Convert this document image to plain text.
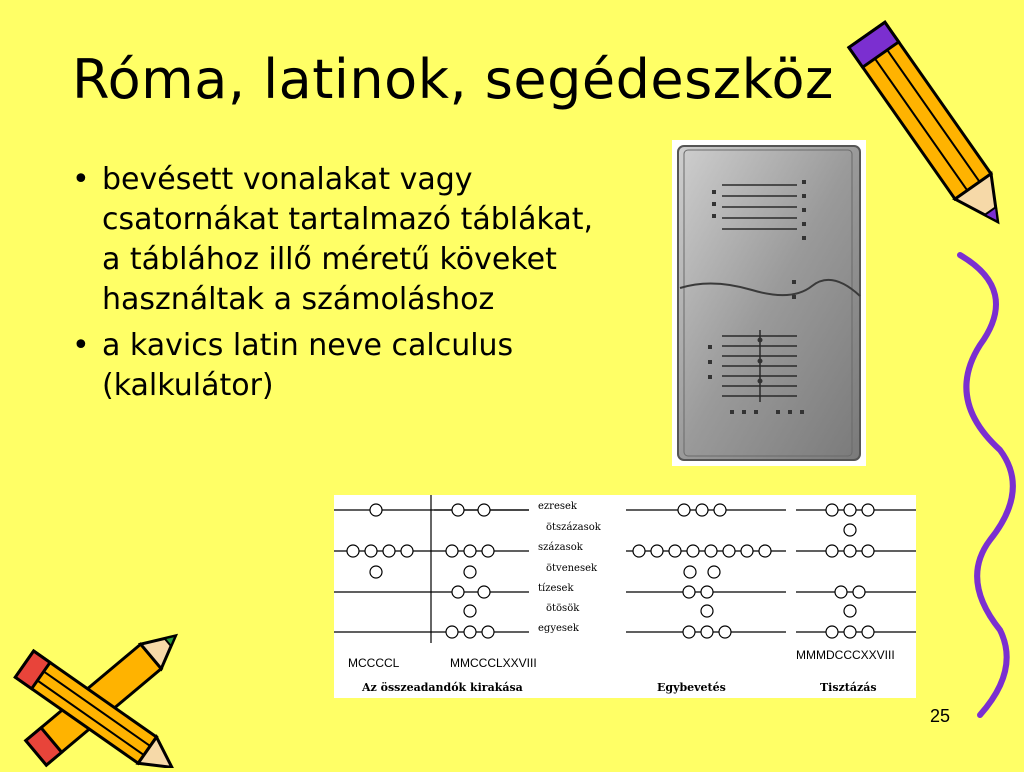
Róma, latinok, segédeszköz
• bevésett vonalakat vagy csatornákat tartalmazó táblákat, a táblához illő méretű köveket használtak a számoláshoz
• a kavics latin neve calculus (kalkulátor)
ezresek
ötszázasok
százasok
ötvenesek
tízesek
ötösök
egyesek
MCCCCL	MMCCCLXXVIII
MMMDCCCXXVIII
Az összeadandók kirakása	Egybevetés	Tisztázás
25
